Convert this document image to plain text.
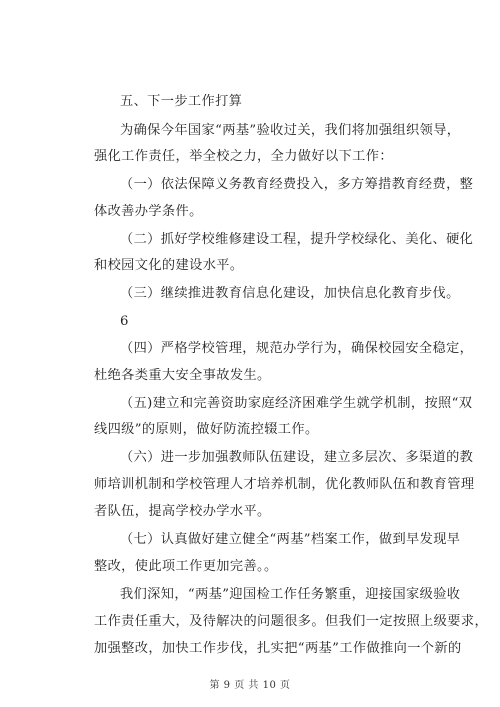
五、下一步工作打算
为确保今年国家“两基”验收过关，我们将加强组织领导，
强化工作责任，举全校之力，全力做好以下工作：
（一）依法保障义务教育经费投入，多方筹措教育经费，整
体改善办学条件。
（二）抓好学校维修建设工程，提升学校绿化、美化、硬化
和校园文化的建设水平。
（三）继续推进教育信息化建设，加快信息化教育步伐。
6
（四）严格学校管理，规范办学行为，确保校园安全稳定，
杜绝各类重大安全事故发生。
（五)建立和完善资助家庭经济困难学生就学机制，按照“双
线四级”的原则，做好防流控辍工作。
（六）进一步加强教师队伍建设，建立多层次、多渠道的教
师培训机制和学校管理人才培养机制，优化教师队伍和教育管理
者队伍，提高学校办学水平。
（七）认真做好建立健全“两基”档案工作，做到早发现早
整改，使此项工作更加完善。。
我们深知，“两基”迎国检工作任务繁重，迎接国家级验收
工作责任重大，及待解决的问题很多。但我们一定按照上级要求，
加强整改，加快工作步伐，扎实把“两基”工作做推向一个新的
第 9 页 共 10 页
